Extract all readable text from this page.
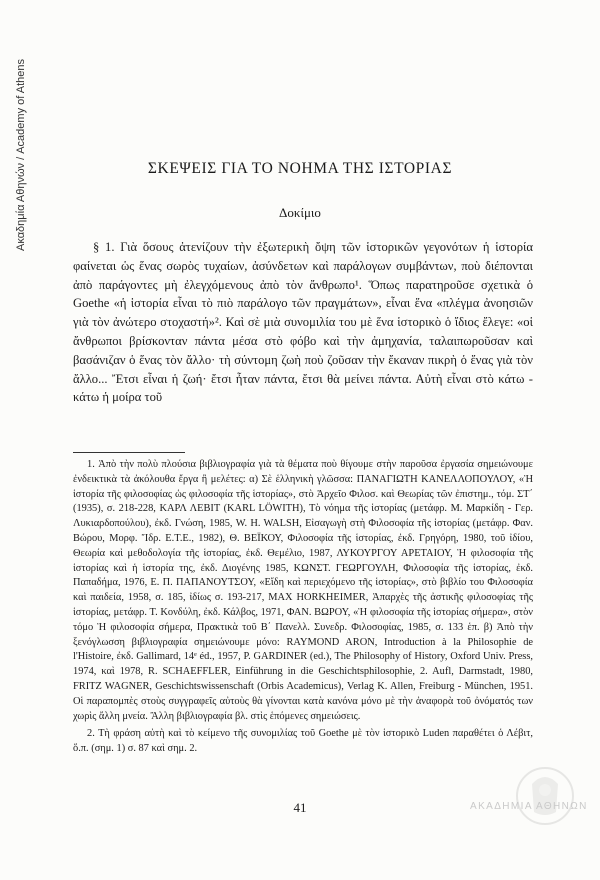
Ακαδημία Αθηνών / Academy of Athens	ΣΚΕΨΕΙΣ ΓΙΑ ΤΟ ΝΟΗΜΑ ΤΗΣ ΙΣΤΟΡΙΑΣ
Δοκίμιο

§ 1. Γιὰ ὅσους ἀτενίζουν τὴν ἐξωτερικὴ ὄψη τῶν ἱστορικῶν γεγονότων ἡ ἱστορία φαίνεται ὡς ἕνας σωρὸς τυχαίων, ἀσύνδετων καὶ παράλογων συμβάντων, ποὺ διέπονται ἀπὸ παράγοντες μὴ ἐλεγχόμενους ἀπὸ τὸν ἄνθρωπο¹. Ὅπως παρατηροῦσε σχετικὰ ὁ Goethe «ἡ ἱστορία εἶναι τὸ πιὸ παράλογο τῶν πραγμάτων», εἶναι ἕνα «πλέγμα ἀνοησιῶν γιὰ τὸν ἀνώτερο στοχαστή»². Καὶ σὲ μιὰ συνομιλία του μὲ ἕνα ἱστορικὸ ὁ ἴδιος ἔλεγε: «οἱ ἄνθρωποι βρίσκονταν πάντα μέσα στὸ φόβο καὶ τὴν ἀμηχανία, ταλαιπωροῦσαν καὶ βασάνιζαν ὁ ἕνας τὸν ἄλλο· τὴ σύντομη ζωὴ ποὺ ζοῦσαν τὴν ἔκαναν πικρὴ ὁ ἕνας γιὰ τὸν ἄλλο... Ἔτσι εἶναι ἡ ζωή· ἔτσι ἦταν πάντα, ἔτσι θὰ μείνει πάντα. Αὐτὴ εἶναι στὸ κάτω - κάτω ἡ μοίρα τοῦ

1. Ἀπὸ τὴν πολὺ πλούσια βιβλιογραφία γιὰ τὰ θέματα ποὺ θίγουμε στὴν παροῦσα ἐργασία σημειώνουμε ἐνδεικτικὰ τὰ ἀκόλουθα ἔργα ἢ μελέτες: α) Σὲ ἑλληνικὴ γλῶσσα: ΠΑΝΑΓΙΩΤΗ ΚΑΝΕΛΛΟΠΟΥΛΟΥ, «Ἡ ἱστορία τῆς φιλοσοφίας ὡς φιλοσοφία τῆς ἱστορίας», στὸ Ἀρχεῖο Φιλοσ. καὶ Θεωρίας τῶν ἐπιστημ., τόμ. ΣΤ΄ (1935), σ. 218-228, ΚΑΡΛ ΛΕΒΙΤ (KARL LÖWITH), Τὸ νόημα τῆς ἱστορίας (μετάφρ. Μ. Μαρκίδη - Γερ. Λυκιαρδοπούλου), ἐκδ. Γνώση, 1985, W. H. WALSH, Εἰσαγωγὴ στὴ Φιλοσοφία τῆς ἱστορίας (μετάφρ. Φαν. Βώρου, Μορφ. Ἴδρ. Ε.Τ.Ε., 1982), Θ. ΒΕΪΚΟΥ, Φιλοσοφία τῆς ἱστορίας, ἐκδ. Γρηγόρη, 1980, τοῦ ἰδίου, Θεωρία καὶ μεθοδολογία τῆς ἱστορίας, ἐκδ. Θεμέλιο, 1987, ΛΥΚΟΥΡΓΟΥ ΑΡΕΤΑΙΟΥ, Ἡ φιλοσοφία τῆς ἱστορίας καὶ ἡ ἱστορία της, ἐκδ. Διογένης 1985, ΚΩΝΣΤ. ΓΕΩΡΓΟΥΛΗ, Φιλοσοφία τῆς ἱστορίας, ἐκδ. Παπαδήμα, 1976, Ε. Π. ΠΑΠΑΝΟΥΤΣΟΥ, «Εἴδη καὶ περιεχόμενο τῆς ἱστορίας», στὸ βιβλίο του Φιλοσοφία καὶ παιδεία, 1958, σ. 185, ἰδίως σ. 193-217, MAX HORKHEIMER, Ἀπαρχὲς τῆς ἀστικῆς φιλοσοφίας τῆς ἱστορίας, μετάφρ. Τ. Κονδύλη, ἐκδ. Κάλβος, 1971, ΦΑΝ. ΒΩΡΟΥ, «Ἡ φιλοσοφία τῆς ἱστορίας σήμερα», στὸν τόμο Ἡ φιλοσοφία σήμερα, Πρακτικὰ τοῦ Β΄ Πανελλ. Συνεδρ. Φιλοσοφίας, 1985, σ. 133 ἑπ. β) Ἀπὸ τὴν ξενόγλωσση βιβλιογραφία σημειώνουμε μόνο: RAYMOND ARON, Introduction à la Philosophie de l'Histoire, ἐκδ. Gallimard, 14ᵉ éd., 1957, P. GARDINER (ed.), The Philosophy of History, Oxford Univ. Press, 1974, καὶ 1978, R. SCHAEFFLER, Einführung in die Geschichtsphilosophie, 2. Aufl, Darmstadt, 1980, FRITZ WAGNER, Geschichtswissenschaft (Orbis Academicus), Verlag K. Allen, Freiburg - München, 1951. Οἱ παραπομπὲς στοὺς συγγραφεῖς αὐτοὺς θὰ γίνονται κατὰ κανόνα μόνο μὲ τὴν ἀναφορὰ τοῦ ὀνόματός των χωρὶς ἄλλη μνεία. Ἄλλη βιβλιογραφία βλ. στὶς ἑπόμενες σημειώσεις.

2. Τὴ φράση αὐτὴ καὶ τὸ κείμενο τῆς συνομιλίας τοῦ Goethe μὲ τὸν ἱστορικὸ Luden παραθέτει ὁ Λέβιτ, ὅ.π. (σημ. 1) σ. 87 καὶ σημ. 2.

41	ΑΚΑΔΗΜΙΑ ΑΘΗΝΩΝ
